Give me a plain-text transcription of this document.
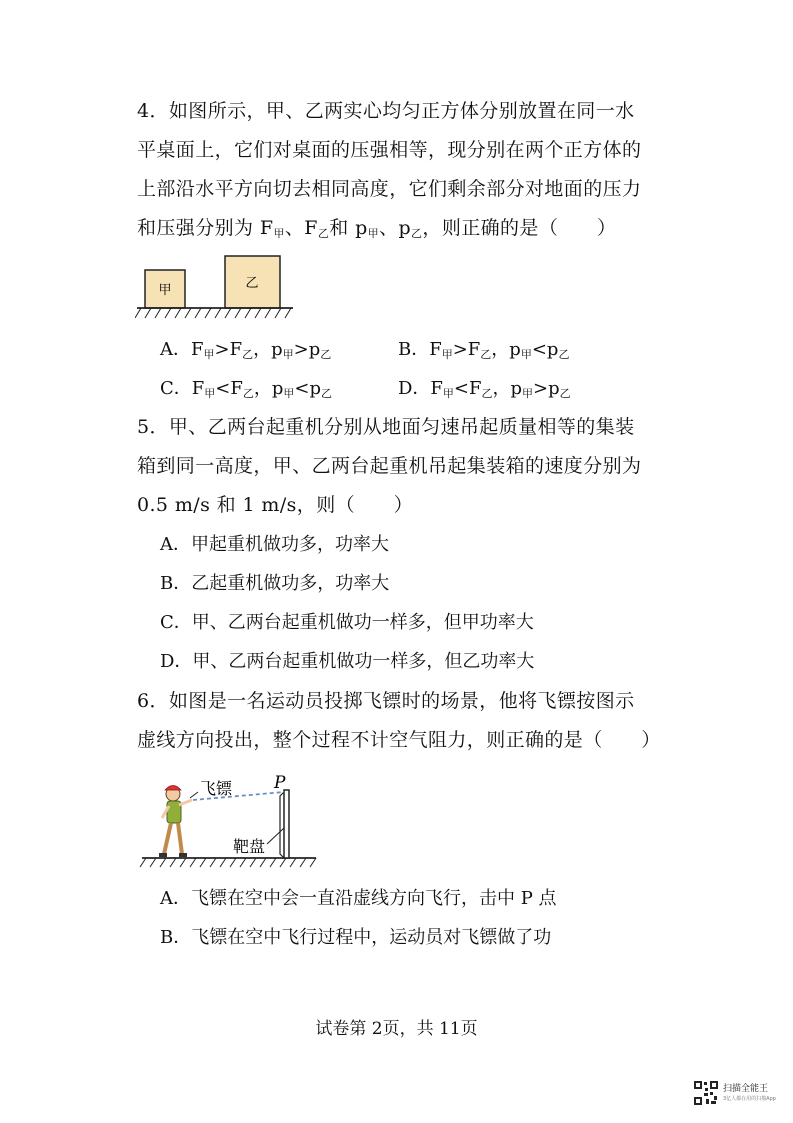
4．如图所示，甲、乙两实心均匀正方体分别放置在同一水
平桌面上，它们对桌面的压强相等，现分别在两个正方体的
上部沿水平方向切去相同高度，它们剩余部分对地面的压力
和压强分别为 $F_甲$、$F_乙$和 $p_甲$、$p_乙$，则正确的是（　　）
甲	乙
A．$F_甲>F_乙$，$p_甲>p_乙$	B．$F_甲>F_乙$，$p_甲<p_乙$
C．$F_甲<F_乙$，$p_甲<p_乙$	D．$F_甲<F_乙$，$p_甲>p_乙$
5．甲、乙两台起重机分别从地面匀速吊起质量相等的集装
箱到同一高度，甲、乙两台起重机吊起集装箱的速度分别为
0.5 m/s 和 1 m/s，则（　　）
A．甲起重机做功多，功率大
B．乙起重机做功多，功率大
C．甲、乙两台起重机做功一样多，但甲功率大
D．甲、乙两台起重机做功一样多，但乙功率大
6．如图是一名运动员投掷飞镖时的场景，他将飞镖按图示
虚线方向投出，整个过程不计空气阻力，则正确的是（　　）
飞镖 P
靶盘
A．飞镖在空中会一直沿虚线方向飞行，击中 P 点
B．飞镖在空中飞行过程中，运动员对飞镖做了功
试卷第 2页，共 11页
扫描全能王
3亿人都在用的扫描App
